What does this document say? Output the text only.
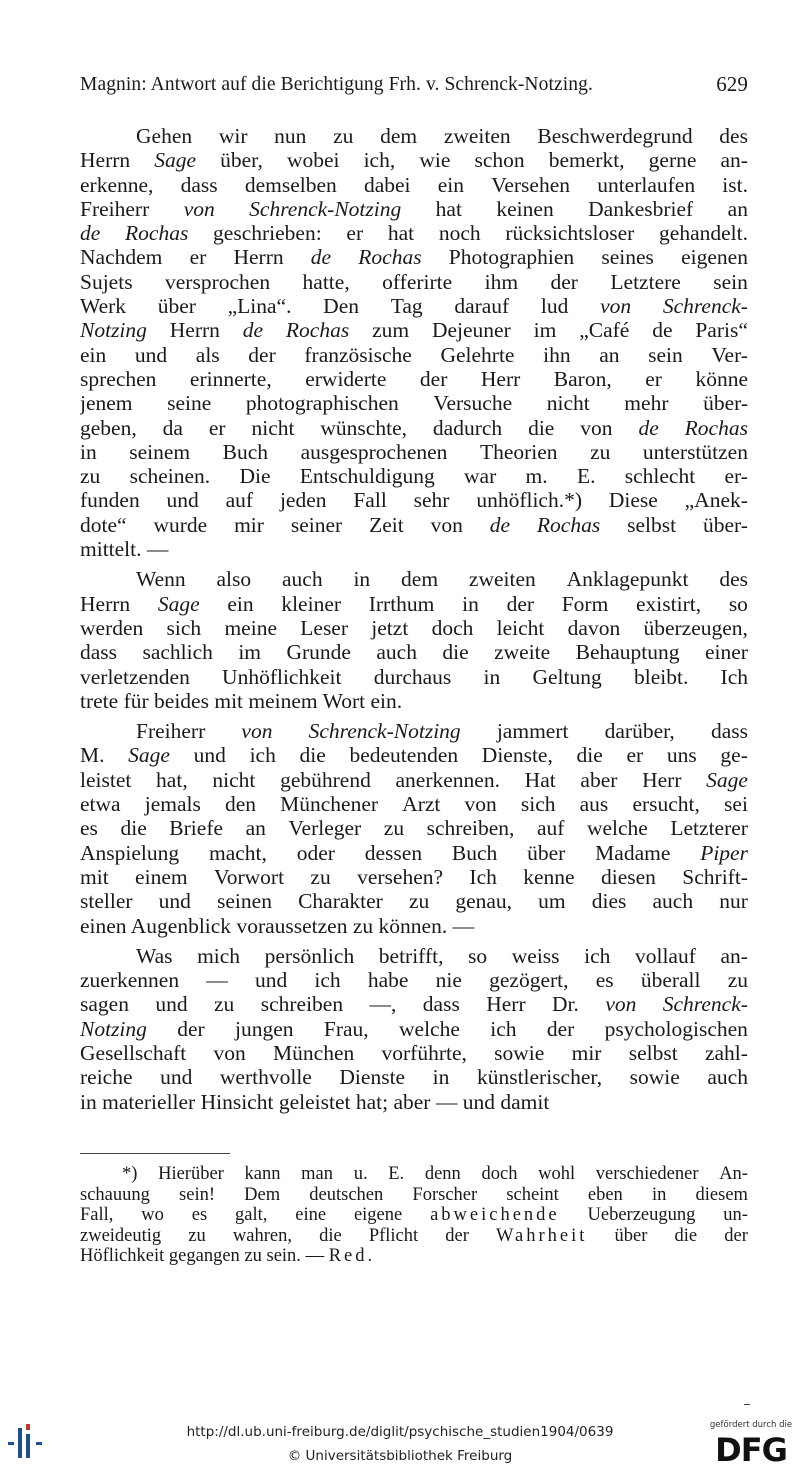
Magnin: Antwort auf die Berichtigung Frh. v. Schrenck-Notzing.	629
Gehen wir nun zu dem zweiten Beschwerdegrund des
Herrn Sage über, wobei ich, wie schon bemerkt, gerne an-
erkenne, dass demselben dabei ein Versehen unterlaufen ist.
Freiherr von Schrenck-Notzing hat keinen Dankesbrief an
de Rochas geschrieben: er hat noch rücksichtsloser gehandelt.
Nachdem er Herrn de Rochas Photographien seines eigenen
Sujets versprochen hatte, offerirte ihm der Letztere sein
Werk über „Lina“. Den Tag darauf lud von Schrenck-
Notzing Herrn de Rochas zum Dejeuner im „Café de Paris“
ein und als der französische Gelehrte ihn an sein Ver-
sprechen erinnerte, erwiderte der Herr Baron, er könne
jenem seine photographischen Versuche nicht mehr über-
geben, da er nicht wünschte, dadurch die von de Rochas
in seinem Buch ausgesprochenen Theorien zu unterstützen
zu scheinen. Die Entschuldigung war m. E. schlecht er-
funden und auf jeden Fall sehr unhöflich.*) Diese „Anek-
dote“ wurde mir seiner Zeit von de Rochas selbst über-
mittelt. —
Wenn also auch in dem zweiten Anklagepunkt des
Herrn Sage ein kleiner Irrthum in der Form existirt, so
werden sich meine Leser jetzt doch leicht davon überzeugen,
dass sachlich im Grunde auch die zweite Behauptung einer
verletzenden Unhöflichkeit durchaus in Geltung bleibt. Ich
trete für beides mit meinem Wort ein.
Freiherr von Schrenck-Notzing jammert darüber, dass
M. Sage und ich die bedeutenden Dienste, die er uns ge-
leistet hat, nicht gebührend anerkennen. Hat aber Herr Sage
etwa jemals den Münchener Arzt von sich aus ersucht, sei
es die Briefe an Verleger zu schreiben, auf welche Letzterer
Anspielung macht, oder dessen Buch über Madame Piper
mit einem Vorwort zu versehen? Ich kenne diesen Schrift-
steller und seinen Charakter zu genau, um dies auch nur
einen Augenblick voraussetzen zu können. —
Was mich persönlich betrifft, so weiss ich vollauf an-
zuerkennen — und ich habe nie gezögert, es überall zu
sagen und zu schreiben —, dass Herr Dr. von Schrenck-
Notzing der jungen Frau, welche ich der psychologischen
Gesellschaft von München vorführte, sowie mir selbst zahl-
reiche und werthvolle Dienste in künstlerischer, sowie auch
in materieller Hinsicht geleistet hat; aber — und damit
*) Hierüber kann man u. E. denn doch wohl verschiedener An-
schauung sein! Dem deutschen Forscher scheint eben in diesem
Fall, wo es galt, eine eigene abweichende Ueberzeugung un-
zweideutig zu wahren, die Pflicht der Wahrheit über die der
Höflichkeit gegangen zu sein. — Red.
http://dl.ub.uni-freiburg.de/diglit/psychische_studien1904/0639
© Universitätsbibliothek Freiburg
gefördert durch die
DFG
